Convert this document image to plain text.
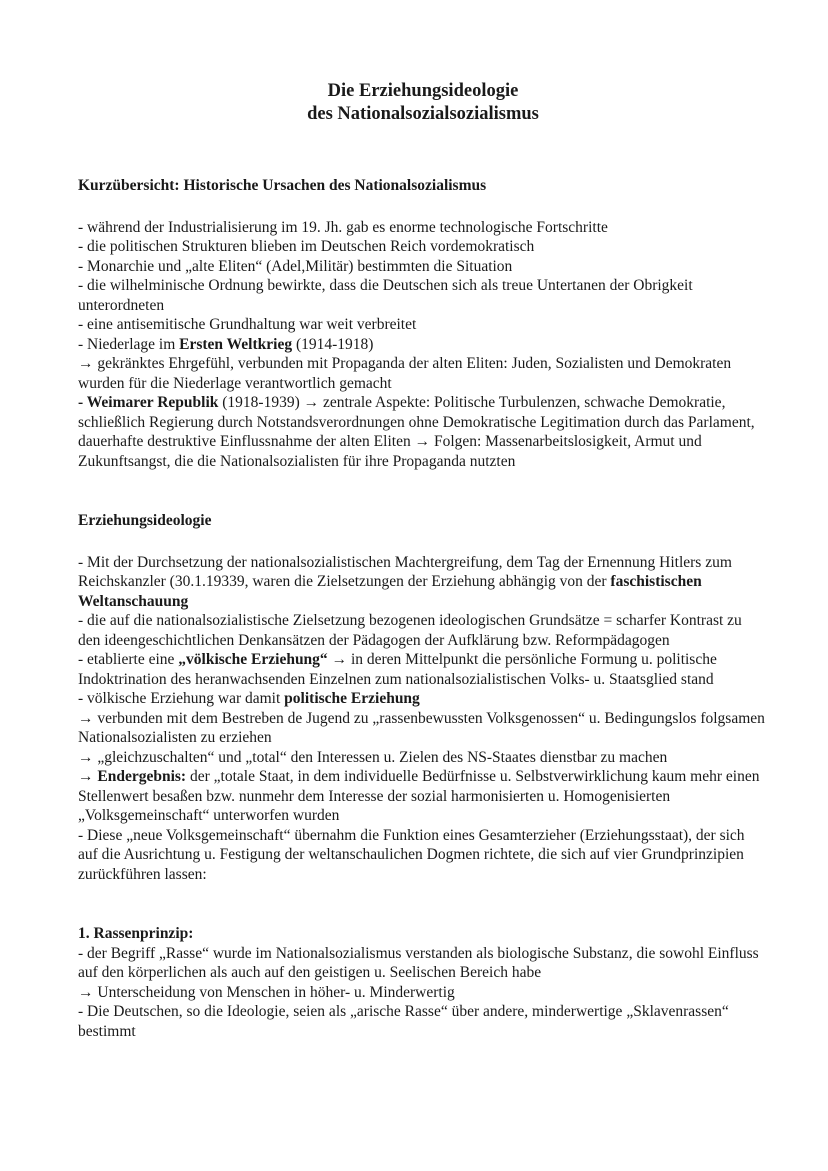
Die Erziehungsideologie
des Nationalsozialsozialismus

Kurzübersicht: Historische Ursachen des Nationalsozialismus

- während der Industrialisierung im 19. Jh. gab es enorme technologische Fortschritte

- die politischen Strukturen blieben im Deutschen Reich vordemokratisch

- Monarchie und „alte Eliten“ (Adel,Militär) bestimmten die Situation

- die wilhelminische Ordnung bewirkte, dass die Deutschen sich als treue Untertanen der Obrigkeit unterordneten

- eine antisemitische Grundhaltung war weit verbreitet

- Niederlage im Ersten Weltkrieg (1914-1918)

→ gekränktes Ehrgefühl, verbunden mit Propaganda der alten Eliten: Juden, Sozialisten und Demokraten wurden für die Niederlage verantwortlich gemacht

- Weimarer Republik (1918-1939) → zentrale Aspekte: Politische Turbulenzen, schwache Demokratie, schließlich Regierung durch Notstandsverordnungen ohne Demokratische Legitimation durch das Parlament, dauerhafte destruktive Einflussnahme der alten Eliten → Folgen: Massenarbeitslosigkeit, Armut und Zukunftsangst, die die Nationalsozialisten für ihre Propaganda nutzten

Erziehungsideologie

- Mit der Durchsetzung der nationalsozialistischen Machtergreifung, dem Tag der Ernennung Hitlers zum Reichskanzler (30.1.19339, waren die Zielsetzungen der Erziehung abhängig von der faschistischen Weltanschauung

- die auf die nationalsozialistische Zielsetzung bezogenen ideologischen Grundsätze = scharfer Kontrast zu den ideengeschichtlichen Denkansätzen der Pädagogen der Aufklärung bzw. Reformpädagogen

- etablierte eine „völkische Erziehung“ → in deren Mittelpunkt die persönliche Formung u. politische Indoktrination des heranwachsenden Einzelnen zum nationalsozialistischen Volks- u. Staatsglied stand

- völkische Erziehung war damit politische Erziehung

→ verbunden mit dem Bestreben de Jugend zu „rassenbewussten Volksgenossen“ u. Bedingungslos folgsamen Nationalsozialisten zu erziehen

→ „gleichzuschalten“ und „total“ den Interessen u. Zielen des NS-Staates dienstbar zu machen

→ Endergebnis: der „totale Staat, in dem individuelle Bedürfnisse u. Selbstverwirklichung kaum mehr einen Stellenwert besaßen bzw. nunmehr dem Interesse der sozial harmonisierten u. Homogenisierten „Volksgemeinschaft“ unterworfen wurden

- Diese „neue Volksgemeinschaft“ übernahm die Funktion eines Gesamterzieher (Erziehungsstaat), der sich auf die Ausrichtung u. Festigung der weltanschaulichen Dogmen richtete, die sich auf vier Grundprinzipien zurückführen lassen:

1. Rassenprinzip:

- der Begriff „Rasse“ wurde im Nationalsozialismus verstanden als biologische Substanz, die sowohl Einfluss auf den körperlichen als auch auf den geistigen u. Seelischen Bereich habe

→ Unterscheidung von Menschen in höher- u. Minderwertig

- Die Deutschen, so die Ideologie, seien als „arische Rasse“ über andere, minderwertige „Sklavenrassen“ bestimmt
